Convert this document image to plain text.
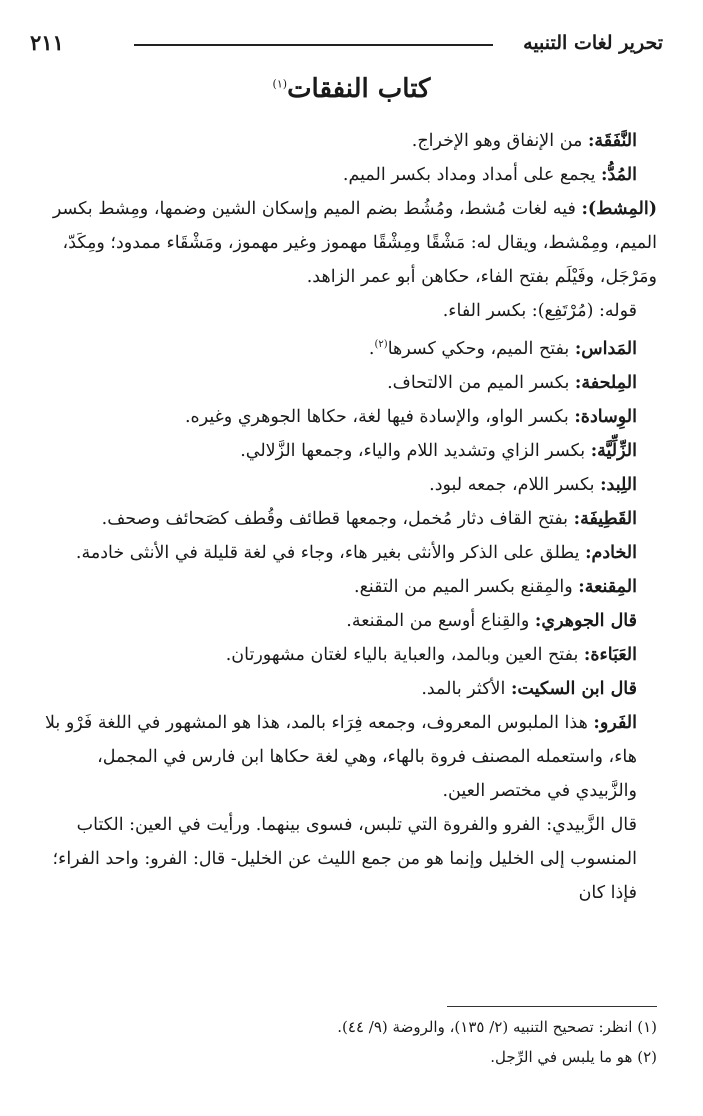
تحرير لغات التنبيه
٢١١
كتاب النفقات$^{(١)}$

النَّفَقَة: من الإنفاق وهو الإخراج.

المُدُّ: يجمع على أمداد ومداد بكسر الميم.

(المِشط): فيه لغات مُشط، ومُشُط بضم الميم وإسكان الشين وضمها، ومِشط بكسر الميم، ومِمْشط، ويقال له: مَشْقًا ومِشْقًا مهموز وغير مهموز، ومَشْقَاء ممدود؛ ومِكَدّ، ومَرْجَل، وفَيْلَم بفتح الفاء، حكاهن أبو عمر الزاهد.

قوله: (مُرْتَفِع): بكسر الفاء.

المَداس: بفتح الميم، وحكي كسرها$^{(٢)}$.

المِلحفة: بكسر الميم من الالتحاف.

الوِسادة: بكسر الواو، والإسادة فيها لغة، حكاها الجوهري وغيره.

الزِّلِّيَّة: بكسر الزاي وتشديد اللام والياء، وجمعها الزَّلالي.

اللِبد: بكسر اللام، جمعه لبود.

القَطِيفَة: بفتح القاف دثار مُخمل، وجمعها قطائف وقُطف كصَحائف وصحف.

الخادم: يطلق على الذكر والأنثى بغير هاء، وجاء في لغة قليلة في الأنثى خادمة.

المِقنعة: والمِقنع بكسر الميم من التقنع.

قال الجوهري: والقِناع أوسع من المقنعة.

العَبَاءة: بفتح العين وبالمد، والعباية بالياء لغتان مشهورتان.

قال ابن السكيت: الأكثر بالمد.

الفَرو: هذا الملبوس المعروف، وجمعه فِرَاء بالمد، هذا هو المشهور في اللغة فَرْو بلا هاء، واستعمله المصنف فروة بالهاء، وهي لغة حكاها ابن فارس في المجمل، والزَّبيدي في مختصر العين.

قال الزَّبيدي: الفرو والفروة التي تلبس، فسوى بينهما. ورأيت في العين: الكتاب المنسوب إلى الخليل وإنما هو من جمع الليث عن الخليل- قال: الفرو: واحد الفراء؛ فإذا كان

(١) انظر: تصحيح التنبيه (٢/ ١٣٥)، والروضة (٩/ ٤٤).
(٢) هو ما يلبس في الرِّجل.
